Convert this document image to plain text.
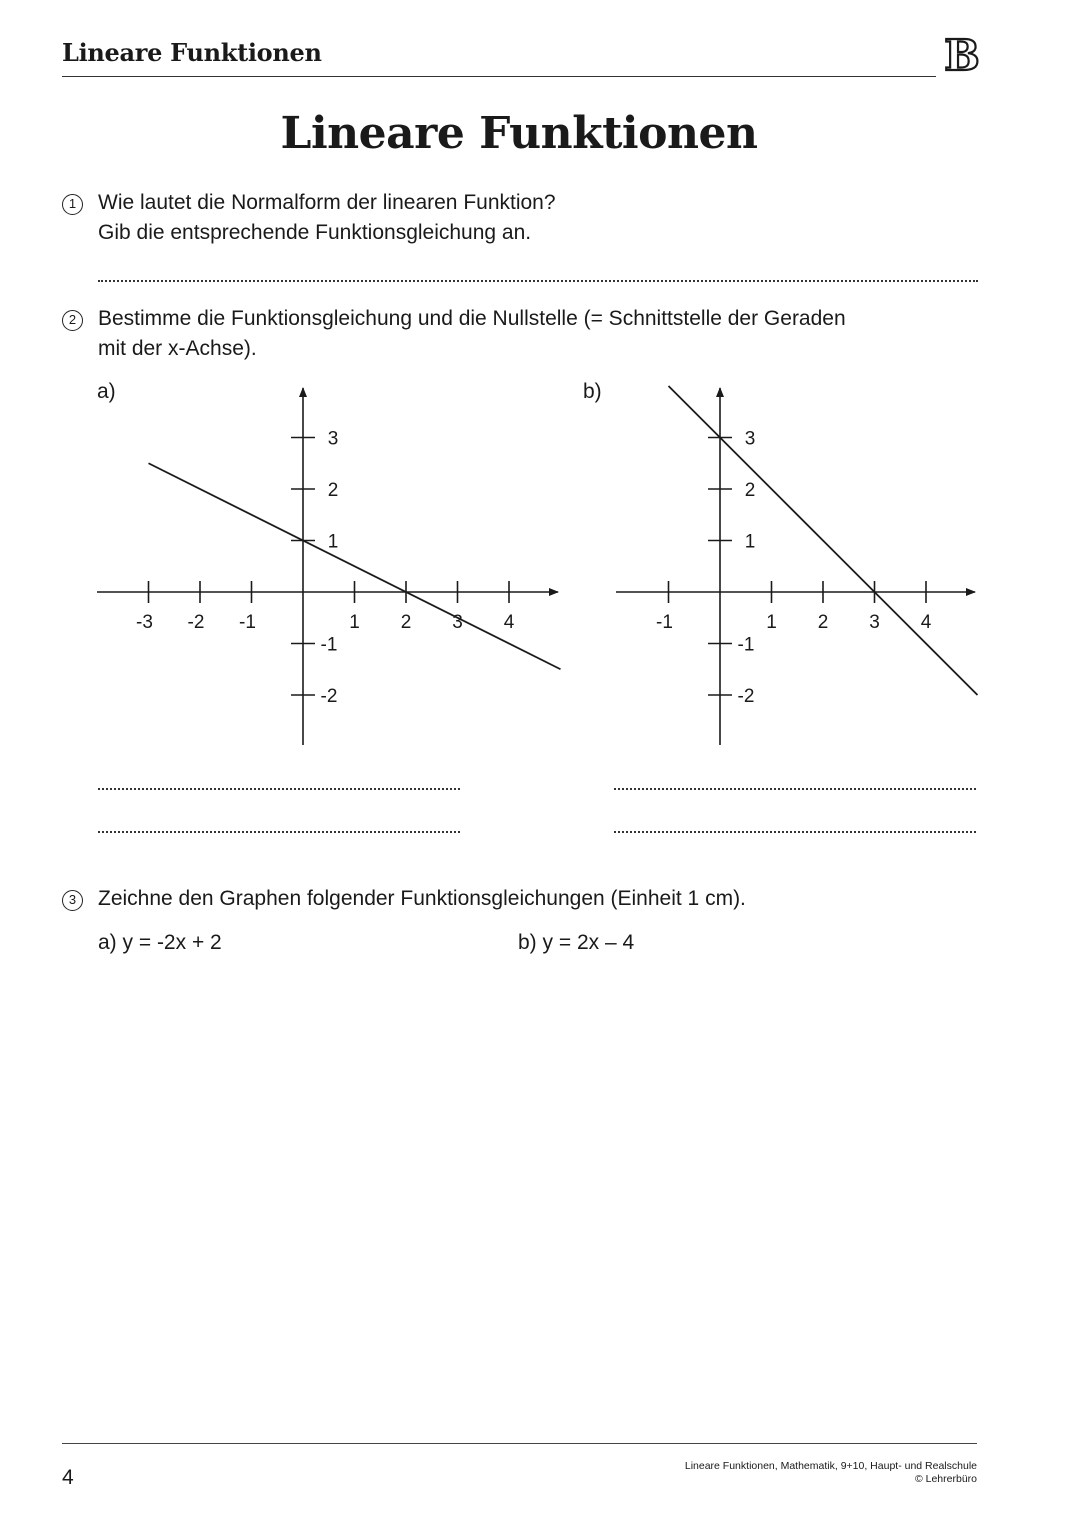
Lineare Funktionen	B
Lineare Funktionen
1	Wie lautet die Normalform der linearen Funktion?
Gib die entsprechende Funktionsgleichung an.
2	Bestimme die Funktionsgleichung und die Nullstelle (= Schnittstelle der Geraden
mit der x-Achse).
a)	b)
-3 -2 -1	1 2 3 4
3
2
1
-1
-2
-1	1 2 3 4
3
2
1
-1
-2
3	Zeichne den Graphen folgender Funktionsgleichungen (Einheit 1 cm).
a) y = -2x + 2	b) y = 2x – 4
4	Lineare Funktionen, Mathematik, 9+10, Haupt- und Realschule
© Lehrerbüro
